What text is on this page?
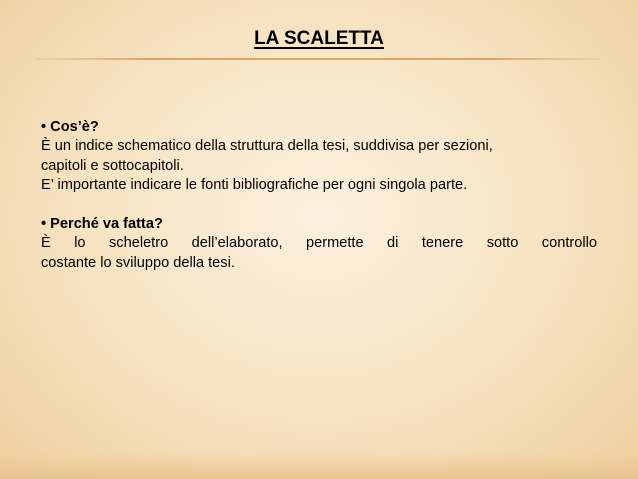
LA SCALETTA
• Cos’è?
È un indice schematico della struttura della tesi, suddivisa per sezioni,
capitoli e sottocapitoli.
E’ importante indicare le fonti bibliografiche per ogni singola parte.
• Perché va fatta?
È lo scheletro dell’elaborato, permette di tenere sotto controllo
costante lo sviluppo della tesi.
